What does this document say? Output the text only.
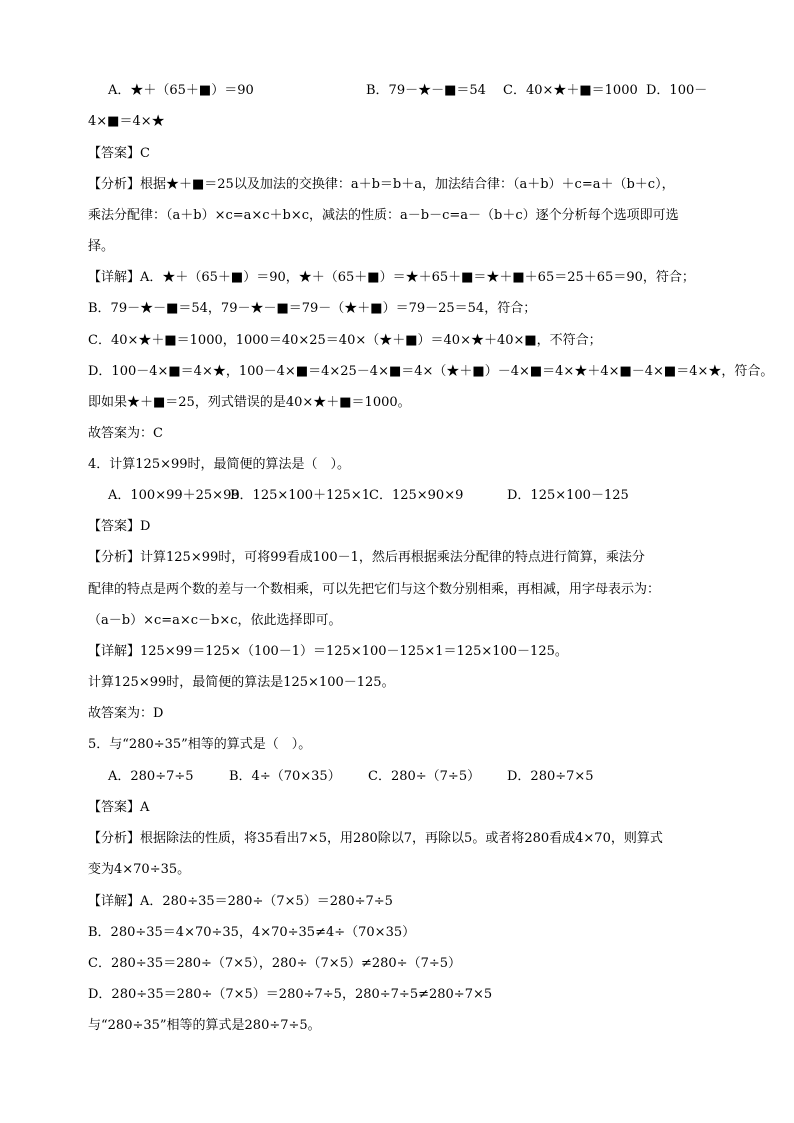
A．★＋（65＋■）＝90	B．79－★－■＝54 C．40×★＋■＝1000 D．100－
4×■＝4×★
【答案】C
【分析】根据★＋■＝25以及加法的交换律：a＋b＝b＋a，加法结合律：（a＋b）＋c=a＋（b＋c），
乘法分配律：（a＋b）×c=a×c＋b×c，减法的性质：a－b－c=a－（b＋c）逐个分析每个选项即可选
择。
【详解】A．★＋（65＋■）＝90，★＋（65＋■）＝★＋65＋■＝★＋■＋65＝25＋65＝90，符合；
B．79－★－■＝54，79－★－■＝79－（★＋■）＝79－25＝54，符合；
C．40×★＋■＝1000，1000＝40×25＝40×（★＋■）＝40×★＋40×■，不符合；
D．100－4×■＝4×★，100－4×■＝4×25－4×■＝4×（★＋■）－4×■＝4×★＋4×■－4×■＝4×★，符合。
即如果★＋■＝25，列式错误的是40×★＋■＝1000。
故答案为：C
4．计算125×99时，最简便的算法是（　）。
A．100×99＋25×99
B．125×100＋125×1
C．125×90×9	D．125×100－125
【答案】D
【分析】计算125×99时，可将99看成100－1，然后再根据乘法分配律的特点进行简算，乘法分
配律的特点是两个数的差与一个数相乘，可以先把它们与这个数分别相乘，再相减，用字母表示为：
（a－b）×c=a×c－b×c，依此选择即可。
【详解】125×99＝125×（100－1）＝125×100－125×1＝125×100－125。
计算125×99时，最简便的算法是125×100－125。
故答案为：D
5．与“280÷35”相等的算式是（　）。
A．280÷7÷5	B．4÷（70×35） C．280÷（7÷5） D．280÷7×5
【答案】A
【分析】根据除法的性质，将35看出7×5，用280除以7，再除以5。或者将280看成4×70，则算式
变为4×70÷35。
【详解】A．280÷35＝280÷（7×5）＝280÷7÷5
B．280÷35＝4×70÷35，4×70÷35≠4÷（70×35）
C．280÷35＝280÷（7×5），280÷（7×5）≠280÷（7÷5）
D．280÷35＝280÷（7×5）＝280÷7÷5，280÷7÷5≠280÷7×5
与“280÷35”相等的算式是280÷7÷5。
